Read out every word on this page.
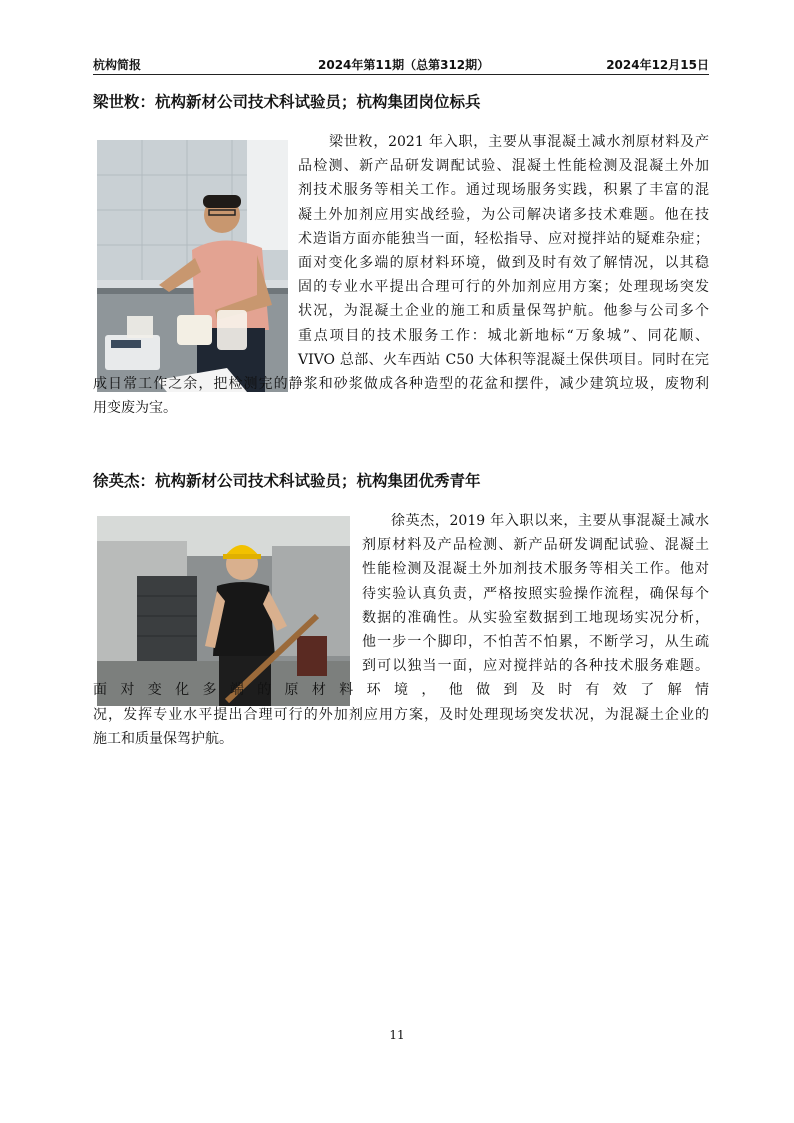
杭构简报	2024年第11期（总第312期）	2024年12月15日
梁世敉：杭构新材公司技术科试验员；杭构集团岗位标兵
梁世敉，2021 年入职，主要从事混凝土减水剂原材料及产
品检测、新产品研发调配试验、混凝土性能检测及混凝土外加
剂技术服务等相关工作。通过现场服务实践，积累了丰富的混
凝土外加剂应用实战经验，为公司解决诸多技术难题。他在技
术造诣方面亦能独当一面，轻松指导、应对搅拌站的疑难杂症；
面对变化多端的原材料环境，做到及时有效了解情况，以其稳
固的专业水平提出合理可行的外加剂应用方案；处理现场突发
状况，为混凝土企业的施工和质量保驾护航。他参与公司多个
重点项目的技术服务工作：城北新地标“万象城”、同花顺、
VIVO 总部、火车西站 C50 大体积等混凝土保供项目。同时在完
成日常工作之余，把检测完的静浆和砂浆做成各种造型的花盆和摆件，减少建筑垃圾，废物利
用变废为宝。
徐英杰：杭构新材公司技术科试验员；杭构集团优秀青年
徐英杰，2019 年入职以来，主要从事混凝土减水
剂原材料及产品检测、新产品研发调配试验、混凝土
性能检测及混凝土外加剂技术服务等相关工作。他对
待实验认真负责，严格按照实验操作流程，确保每个
数据的准确性。从实验室数据到工地现场实况分析，
他一步一个脚印，不怕苦不怕累，不断学习，从生疏
到可以独当一面，应对搅拌站的各种技术服务难题。
面对变化多端的原材料环境，他做到及时有效了解情
况，发挥专业水平提出合理可行的外加剂应用方案，及时处理现场突发状况，为混凝土企业的
施工和质量保驾护航。
11
